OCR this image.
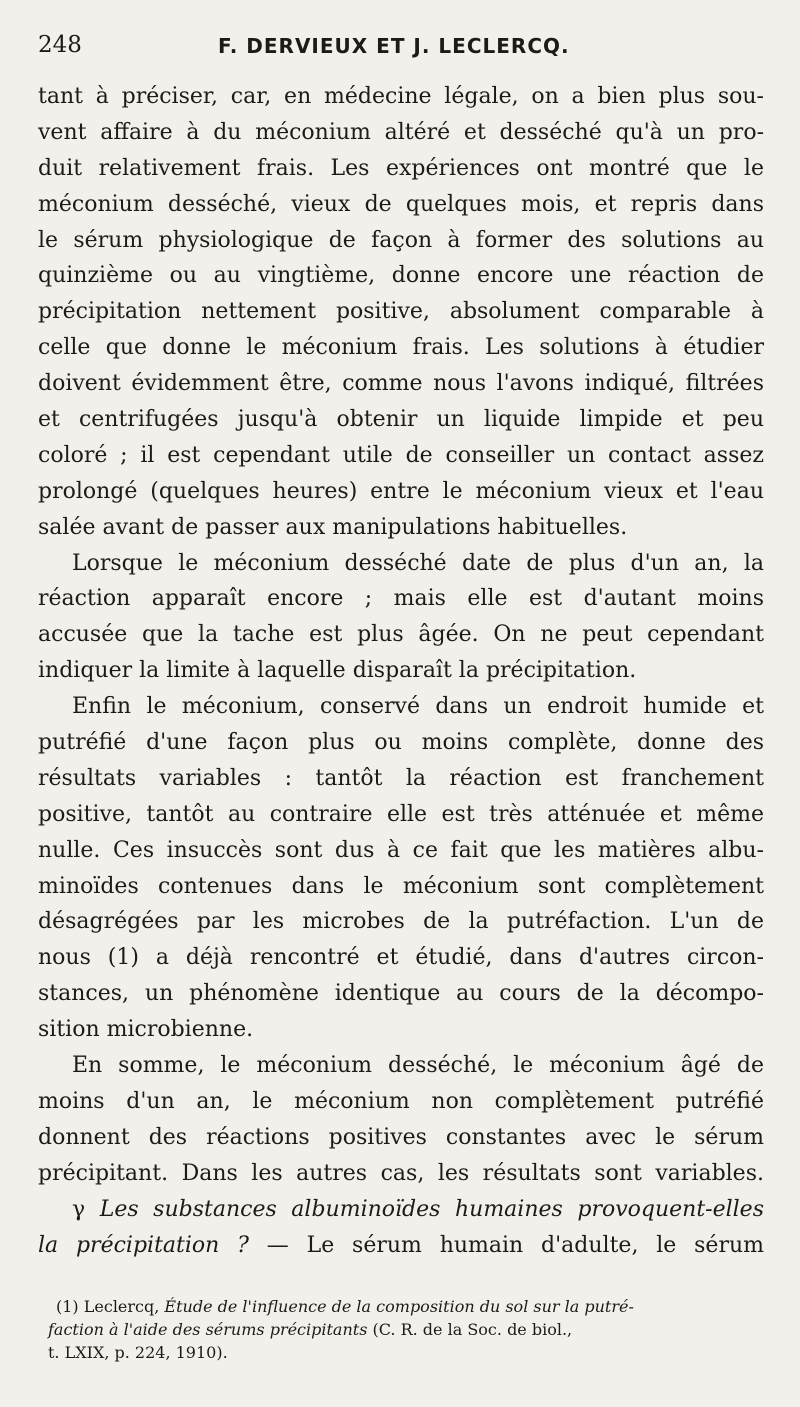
248	F. DERVIEUX ET J. LECLERCQ.
tant à préciser, car, en médecine légale, on a bien plus sou-
vent affaire à du méconium altéré et desséché qu'à un pro-
duit relativement frais. Les expériences ont montré que le
méconium desséché, vieux de quelques mois, et repris dans
le sérum physiologique de façon à former des solutions au
quinzième ou au vingtième, donne encore une réaction de
précipitation nettement positive, absolument comparable à
celle que donne le méconium frais. Les solutions à étudier
doivent évidemment être, comme nous l'avons indiqué, filtrées
et centrifugées jusqu'à obtenir un liquide limpide et peu
coloré ; il est cependant utile de conseiller un contact assez
prolongé (quelques heures) entre le méconium vieux et l'eau
salée avant de passer aux manipulations habituelles.
Lorsque le méconium desséché date de plus d'un an, la
réaction apparaît encore ; mais elle est d'autant moins
accusée que la tache est plus âgée. On ne peut cependant
indiquer la limite à laquelle disparaît la précipitation.
Enfin le méconium, conservé dans un endroit humide et
putréfié d'une façon plus ou moins complète, donne des
résultats variables : tantôt la réaction est franchement
positive, tantôt au contraire elle est très atténuée et même
nulle. Ces insuccès sont dus à ce fait que les matières albu-
minoïdes contenues dans le méconium sont complètement
désagrégées par les microbes de la putréfaction. L'un de
nous (1) a déjà rencontré et étudié, dans d'autres circon-
stances, un phénomène identique au cours de la décompo-
sition microbienne.
En somme, le méconium desséché, le méconium âgé de
moins d'un an, le méconium non complètement putréfié
donnent des réactions positives constantes avec le sérum
précipitant. Dans les autres cas, les résultats sont variables.
γ Les substances albuminoïdes humaines provoquent-elles
la précipitation ? — Le sérum humain d'adulte, le sérum
(1) Leclercq, Étude de l'influence de la composition du sol sur la putré-
faction à l'aide des sérums précipitants (C. R. de la Soc. de biol.,
t. LXIX, p. 224, 1910).
